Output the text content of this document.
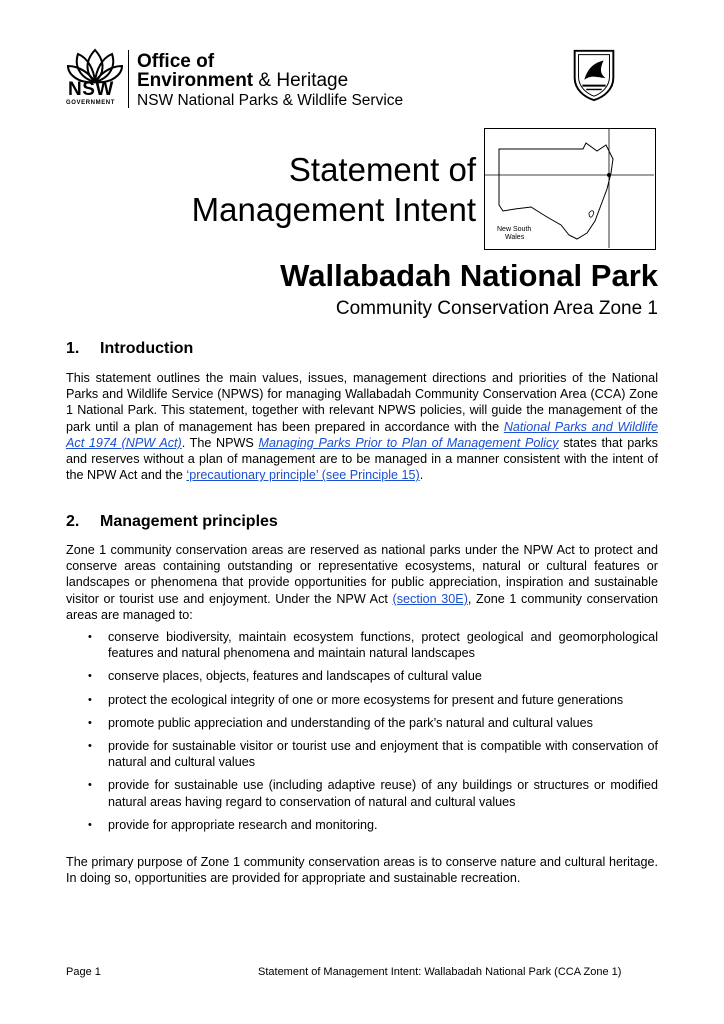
NSW
GOVERNMENT
Office of
Environment & Heritage
NSW National Parks & Wildlife Service
Statement of
Management Intent
New South
Wales
Wallabadah National Park
Community Conservation Area Zone 1
1. Introduction
This statement outlines the main values, issues, management directions and priorities of the National Parks and Wildlife Service (NPWS) for managing Wallabadah Community Conservation Area (CCA) Zone 1 National Park. This statement, together with relevant NPWS policies, will guide the management of the park until a plan of management has been prepared in accordance with the National Parks and Wildlife Act 1974 (NPW Act). The NPWS Managing Parks Prior to Plan of Management Policy states that parks and reserves without a plan of management are to be managed in a manner consistent with the intent of the NPW Act and the ‘precautionary principle’ (see Principle 15).
2. Management principles
Zone 1 community conservation areas are reserved as national parks under the NPW Act to protect and conserve areas containing outstanding or representative ecosystems, natural or cultural features or landscapes or phenomena that provide opportunities for public appreciation, inspiration and sustainable visitor or tourist use and enjoyment. Under the NPW Act (section 30E), Zone 1 community conservation areas are managed to:
• conserve biodiversity, maintain ecosystem functions, protect geological and geomorphological features and natural phenomena and maintain natural landscapes
• conserve places, objects, features and landscapes of cultural value
• protect the ecological integrity of one or more ecosystems for present and future generations
• promote public appreciation and understanding of the park’s natural and cultural values
• provide for sustainable visitor or tourist use and enjoyment that is compatible with conservation of natural and cultural values
• provide for sustainable use (including adaptive reuse) of any buildings or structures or modified natural areas having regard to conservation of natural and cultural values
• provide for appropriate research and monitoring.
The primary purpose of Zone 1 community conservation areas is to conserve nature and cultural heritage. In doing so, opportunities are provided for appropriate and sustainable recreation.
Page 1	Statement of Management Intent: Wallabadah National Park (CCA Zone 1)
